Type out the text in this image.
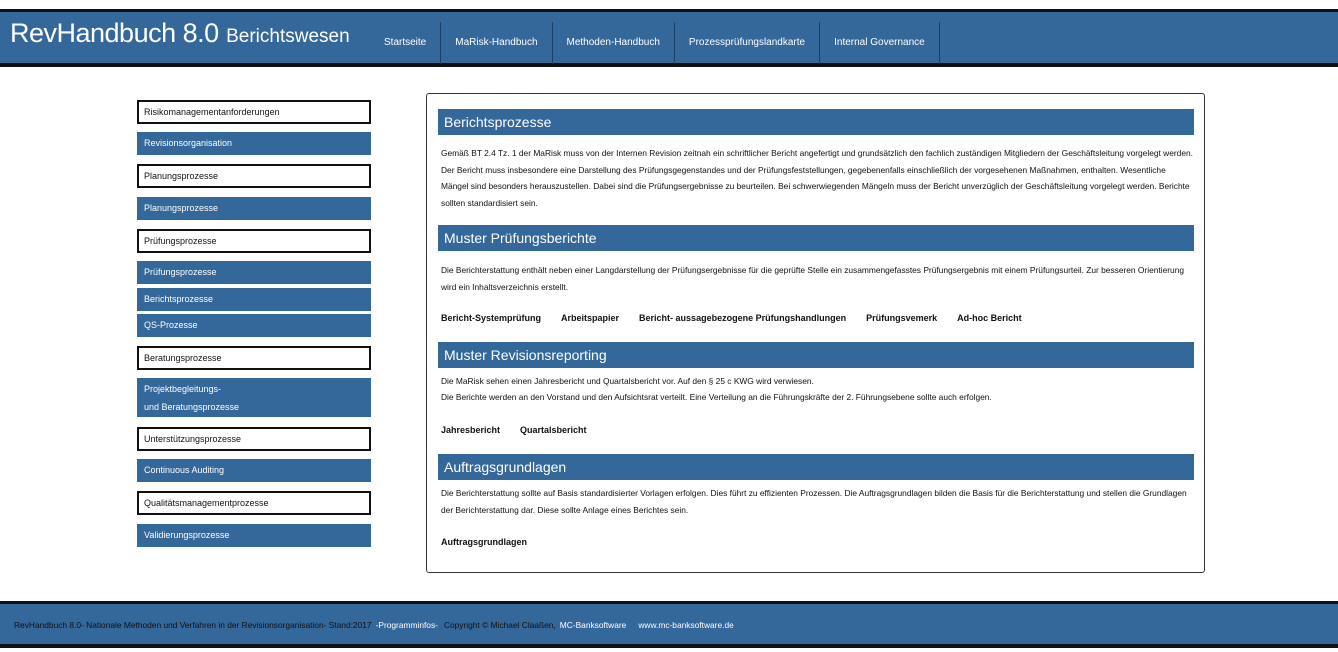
RevHandbuch 8.0 Berichtswesen	Startseite	MaRisk-Handbuch	Methoden-Handbuch	Prozessprüfungslandkarte	Internal Governance
Risikomanagementanforderungen
Revisionsorganisation
Planungsprozesse
Planungsprozesse
Prüfungsprozesse
Prüfungsprozesse
Berichtsprozesse
QS-Prozesse
Beratungsprozesse
Projektbegleitungs-
und Beratungsprozesse
Unterstützungsprozesse
Continuous Auditing
Qualitätsmanagementprozesse
Validierungsprozesse
Berichtsprozesse
Gemäß BT 2.4 Tz. 1 der MaRisk muss von der Internen Revision zeitnah ein schriftlicher Bericht angefertigt und grundsätzlich den fachlich zuständigen Mitgliedern der Geschäftsleitung vorgelegt werden. Der Bericht muss insbesondere eine Darstellung des Prüfungsgegenstandes und der Prüfungsfeststellungen, gegebenenfalls einschließlich der vorgesehenen Maßnahmen, enthalten. Wesentliche Mängel sind besonders herauszustellen. Dabei sind die Prüfungsergebnisse zu beurteilen. Bei schwerwiegenden Mängeln muss der Bericht unverzüglich der Geschäftsleitung vorgelegt werden. Berichte sollten standardisiert sein.
Muster Prüfungsberichte
Die Berichterstattung enthält neben einer Langdarstellung der Prüfungsergebnisse für die geprüfte Stelle ein zusammengefasstes Prüfungsergebnis mit einem Prüfungsurteil. Zur besseren Orientierung wird ein Inhaltsverzeichnis erstellt.
Bericht-Systemprüfung Arbeitspapier Bericht- aussagebezogene Prüfungshandlungen Prüfungsvemerk Ad-hoc Bericht
Muster Revisionsreporting
Die MaRisk sehen einen Jahresbericht und Quartalsbericht vor. Auf den § 25 c KWG wird verwiesen.
Die Berichte werden an den Vorstand und den Aufsichtsrat verteilt. Eine Verteilung an die Führungskräfte der 2. Führungsebene sollte auch erfolgen.
Jahresbericht Quartalsbericht
Auftragsgrundlagen
Die Berichterstattung sollte auf Basis standardisierter Vorlagen erfolgen. Dies führt zu effizienten Prozessen. Die Auftragsgrundlagen bilden die Basis für die Berichterstattung und stellen die Grundlagen der Berichterstattung dar. Diese sollte Anlage eines Berichtes sein.
Auftragsgrundlagen
RevHandbuch 8.0- Nationale Methoden und Verfahren in der Revisionsorganisation- Stand:2017 -Programminfos- Copyright © Michael Claaßen, MC-Banksoftware www.mc-banksoftware.de
